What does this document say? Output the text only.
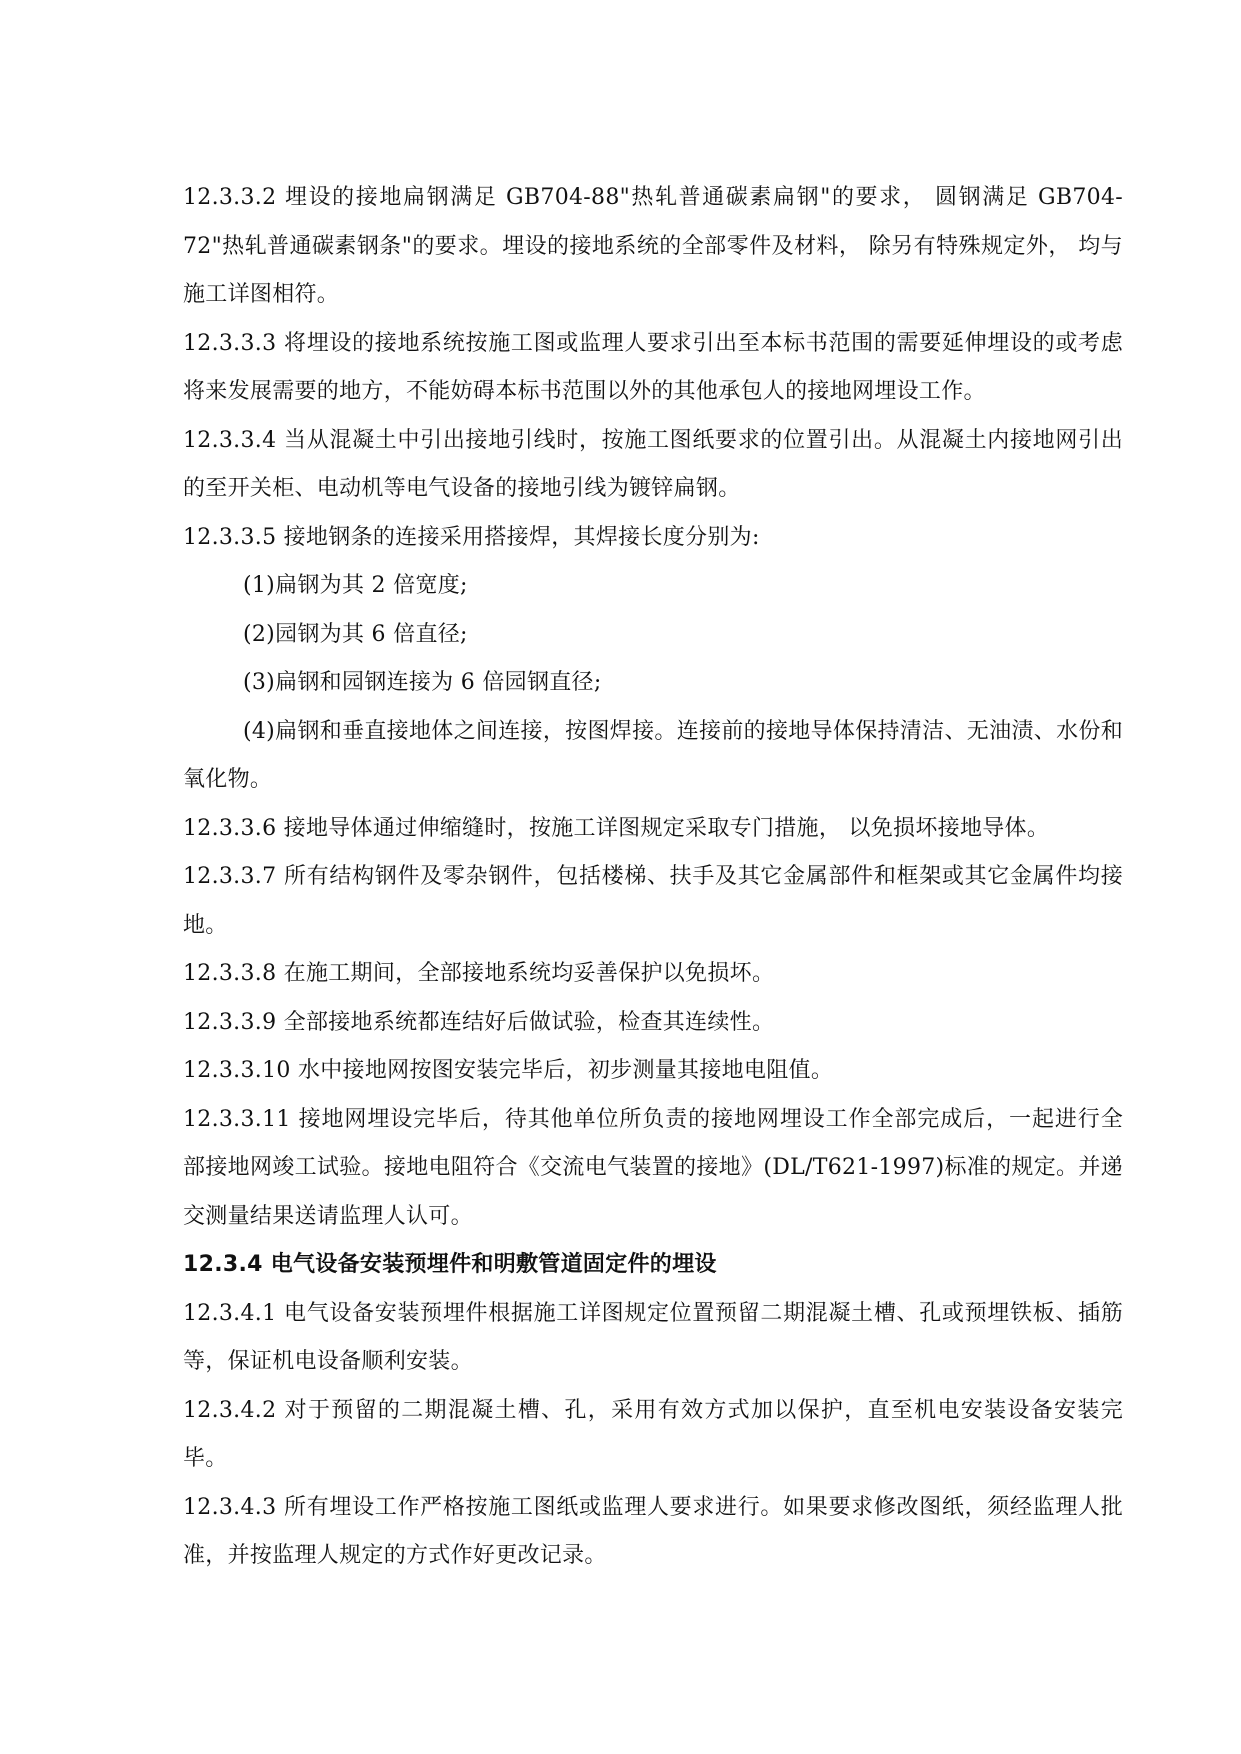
12.3.3.2 埋设的接地扁钢满足 GB704-88"热轧普通碳素扁钢"的要求， 圆钢满足 GB704-72"热轧普通碳素钢条"的要求。埋设的接地系统的全部零件及材料， 除另有特殊规定外， 均与施工详图相符。

12.3.3.3 将埋设的接地系统按施工图或监理人要求引出至本标书范围的需要延伸埋设的或考虑将来发展需要的地方，不能妨碍本标书范围以外的其他承包人的接地网埋设工作。

12.3.3.4 当从混凝土中引出接地引线时，按施工图纸要求的位置引出。从混凝土内接地网引出的至开关柜、电动机等电气设备的接地引线为镀锌扁钢。

12.3.3.5 接地钢条的连接采用搭接焊，其焊接长度分别为:

(1)扁钢为其 2 倍宽度;

(2)园钢为其 6 倍直径;

(3)扁钢和园钢连接为 6 倍园钢直径;

(4)扁钢和垂直接地体之间连接，按图焊接。连接前的接地导体保持清洁、无油渍、水份和氧化物。

12.3.3.6 接地导体通过伸缩缝时，按施工详图规定采取专门措施， 以免损坏接地导体。

12.3.3.7 所有结构钢件及零杂钢件，包括楼梯、扶手及其它金属部件和框架或其它金属件均接地。

12.3.3.8 在施工期间，全部接地系统均妥善保护以免损坏。

12.3.3.9 全部接地系统都连结好后做试验，检查其连续性。

12.3.3.10 水中接地网按图安装完毕后，初步测量其接地电阻值。

12.3.3.11 接地网埋设完毕后，待其他单位所负责的接地网埋设工作全部完成后，一起进行全部接地网竣工试验。接地电阻符合《交流电气装置的接地》(DL/T621-1997)标准的规定。并递交测量结果送请监理人认可。

12.3.4 电气设备安装预埋件和明敷管道固定件的埋设

12.3.4.1 电气设备安装预埋件根据施工详图规定位置预留二期混凝土槽、孔或预埋铁板、插筋等，保证机电设备顺利安装。

12.3.4.2 对于预留的二期混凝土槽、孔，采用有效方式加以保护，直至机电安装设备安装完毕。

12.3.4.3 所有埋设工作严格按施工图纸或监理人要求进行。如果要求修改图纸，须经监理人批准，并按监理人规定的方式作好更改记录。
